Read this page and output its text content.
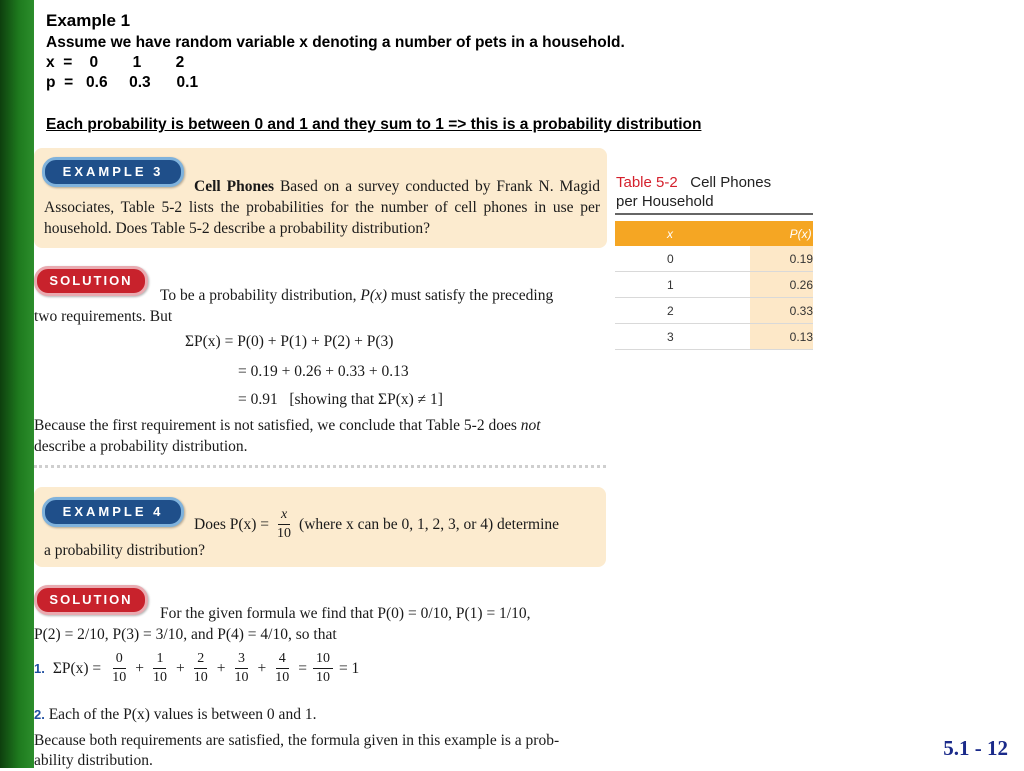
Example 1
Assume we have random variable x denoting a number of pets in a household.
x  =    0        1        2
p  =   0.6     0.3      0.1
Each probability is between 0 and 1 and they sum to 1 => this is a probability distribution
EXAMPLE 3
Cell Phones Based on a survey conducted by Frank N. Magid Associates, Table 5-2 lists the probabilities for the number of cell phones in use per household. Does Table 5-2 describe a probability distribution?
SOLUTION
To be a probability distribution, P(x) must satisfy the preceding
two requirements. But
ΣP(x) = P(0) + P(1) + P(2) + P(3)
= 0.19 + 0.26 + 0.33 + 0.13
= 0.91   [showing that ΣP(x) ≠ 1]
Because the first requirement is not satisfied, we conclude that Table 5-2 does not
describe a probability distribution.
Table 5-2 Cell Phones
per Household
x	P(x)
0	0.19
1	0.26
2	0.33
3	0.13
EXAMPLE 4
Does $P(x) = \frac{x}{10}$ (where x can be 0, 1, 2, 3, or 4) determine
a probability distribution?
SOLUTION
For the given formula we find that P(0) = 0/10, P(1) = 1/10,
P(2) = 2/10, P(3) = 3/10, and P(4) = 4/10, so that
1. $\Sigma P(x) = \frac{0}{10} + \frac{1}{10} + \frac{2}{10} + \frac{3}{10} + \frac{4}{10} = \frac{10}{10} = 1$
2. Each of the P(x) values is between 0 and 1.
Because both requirements are satisfied, the formula given in this example is a prob-
ability distribution.
5.1 - 12
